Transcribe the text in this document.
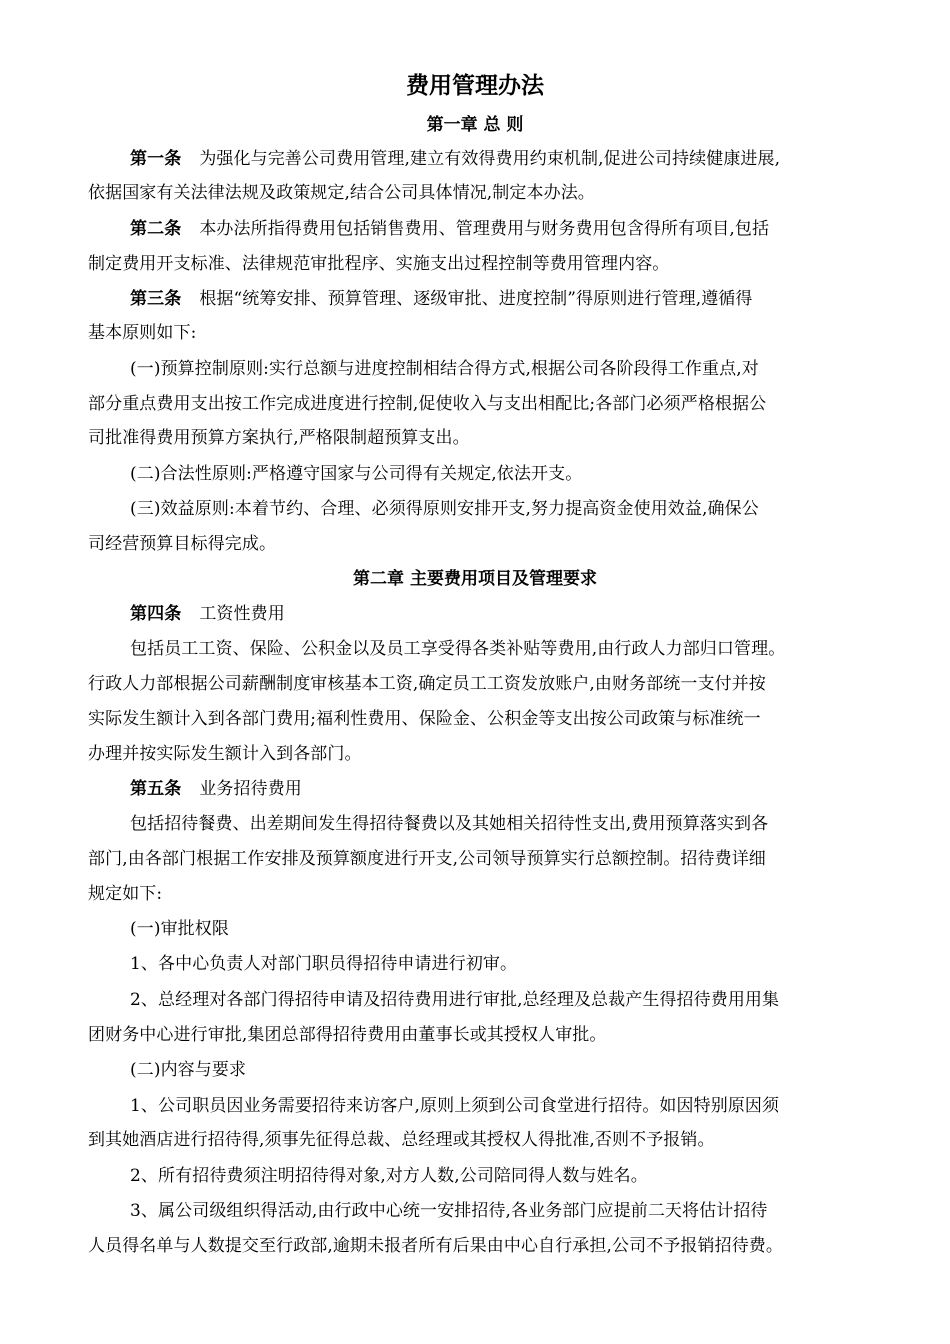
费用管理办法
第一章 总 则
第一条 为强化与完善公司费用管理,建立有效得费用约束机制,促进公司持续健康进展,
依据国家有关法律法规及政策规定,结合公司具体情况,制定本办法。
第二条 本办法所指得费用包括销售费用、管理费用与财务费用包含得所有项目,包括
制定费用开支标准、法律规范审批程序、实施支出过程控制等费用管理内容。
第三条 根据“统筹安排、预算管理、逐级审批、进度控制”得原则进行管理,遵循得
基本原则如下:
(一)预算控制原则:实行总额与进度控制相结合得方式,根据公司各阶段得工作重点,对
部分重点费用支出按工作完成进度进行控制,促使收入与支出相配比;各部门必须严格根据公
司批准得费用预算方案执行,严格限制超预算支出。
(二)合法性原则:严格遵守国家与公司得有关规定,依法开支。
(三)效益原则:本着节约、合理、必须得原则安排开支,努力提高资金使用效益,确保公
司经营预算目标得完成。
第二章 主要费用项目及管理要求
第四条 工资性费用
包括员工工资、保险、公积金以及员工享受得各类补贴等费用,由行政人力部归口管理。
行政人力部根据公司薪酬制度审核基本工资,确定员工工资发放账户,由财务部统一支付并按
实际发生额计入到各部门费用;福利性费用、保险金、公积金等支出按公司政策与标准统一
办理并按实际发生额计入到各部门。
第五条 业务招待费用
包括招待餐费、出差期间发生得招待餐费以及其她相关招待性支出,费用预算落实到各
部门,由各部门根据工作安排及预算额度进行开支,公司领导预算实行总额控制。招待费详细
规定如下:
(一)审批权限
1、各中心负责人对部门职员得招待申请进行初审。
2、总经理对各部门得招待申请及招待费用进行审批,总经理及总裁产生得招待费用用集
团财务中心进行审批,集团总部得招待费用由董事长或其授权人审批。
(二)内容与要求
1、公司职员因业务需要招待来访客户,原则上须到公司食堂进行招待。如因特别原因须
到其她酒店进行招待得,须事先征得总裁、总经理或其授权人得批准,否则不予报销。
2、所有招待费须注明招待得对象,对方人数,公司陪同得人数与姓名。
3、属公司级组织得活动,由行政中心统一安排招待,各业务部门应提前二天将估计招待
人员得名单与人数提交至行政部,逾期未报者所有后果由中心自行承担,公司不予报销招待费。
